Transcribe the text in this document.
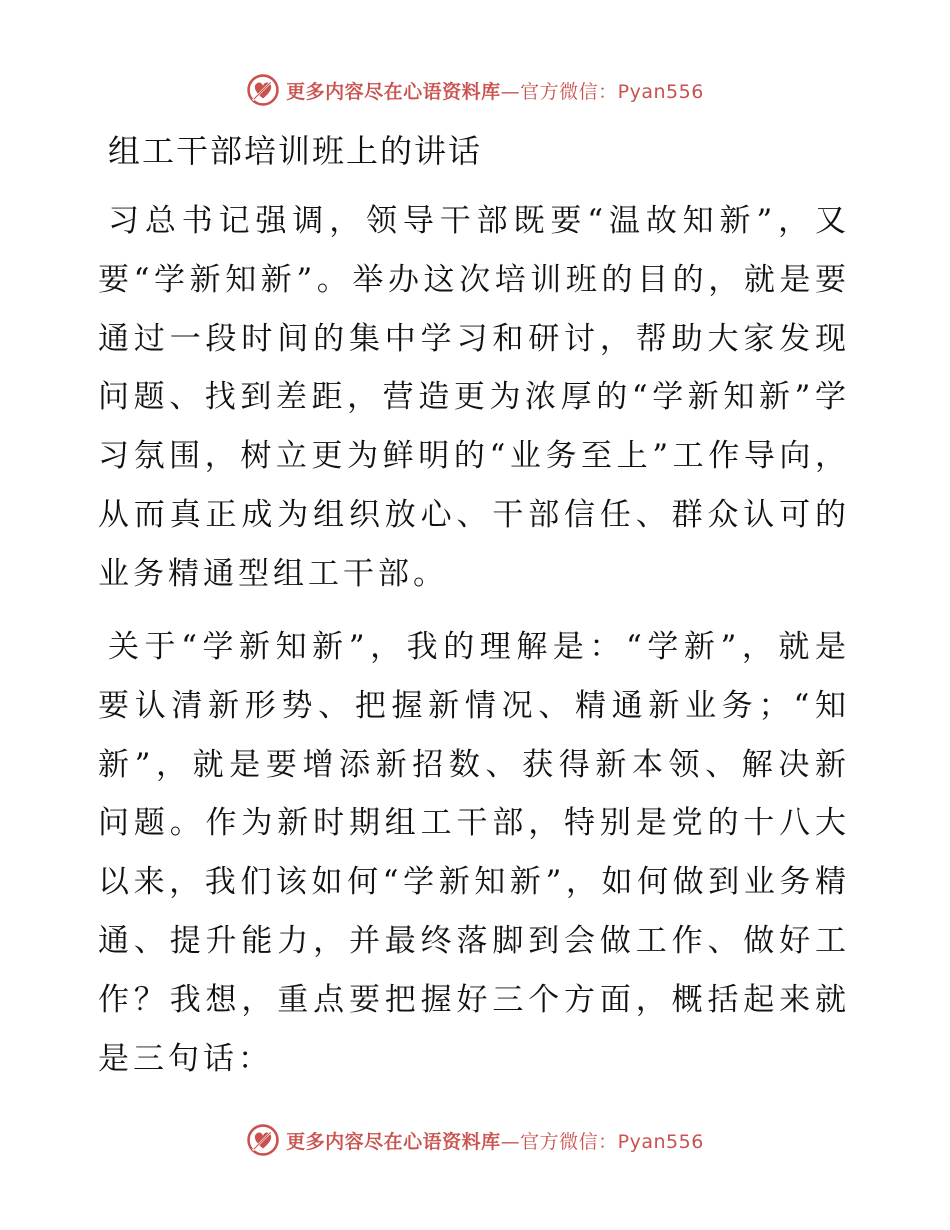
更多内容尽在心语资料库—官方微信：Pyan556
组工干部培训班上的讲话

习总书记强调，领导干部既要“温故知新”，又要“学新知新”。举办这次培训班的目的，就是要通过一段时间的集中学习和研讨，帮助大家发现问题、找到差距，营造更为浓厚的“学新知新”学习氛围，树立更为鲜明的“业务至上”工作导向，从而真正成为组织放心、干部信任、群众认可的业务精通型组工干部。

关于“学新知新”，我的理解是：“学新”，就是要认清新形势、把握新情况、精通新业务；“知新”，就是要增添新招数、获得新本领、解决新问题。作为新时期组工干部，特别是党的十八大以来，我们该如何“学新知新”，如何做到业务精通、提升能力，并最终落脚到会做工作、做好工作？我想，重点要把握好三个方面，概括起来就是三句话：

更多内容尽在心语资料库—官方微信：Pyan556
